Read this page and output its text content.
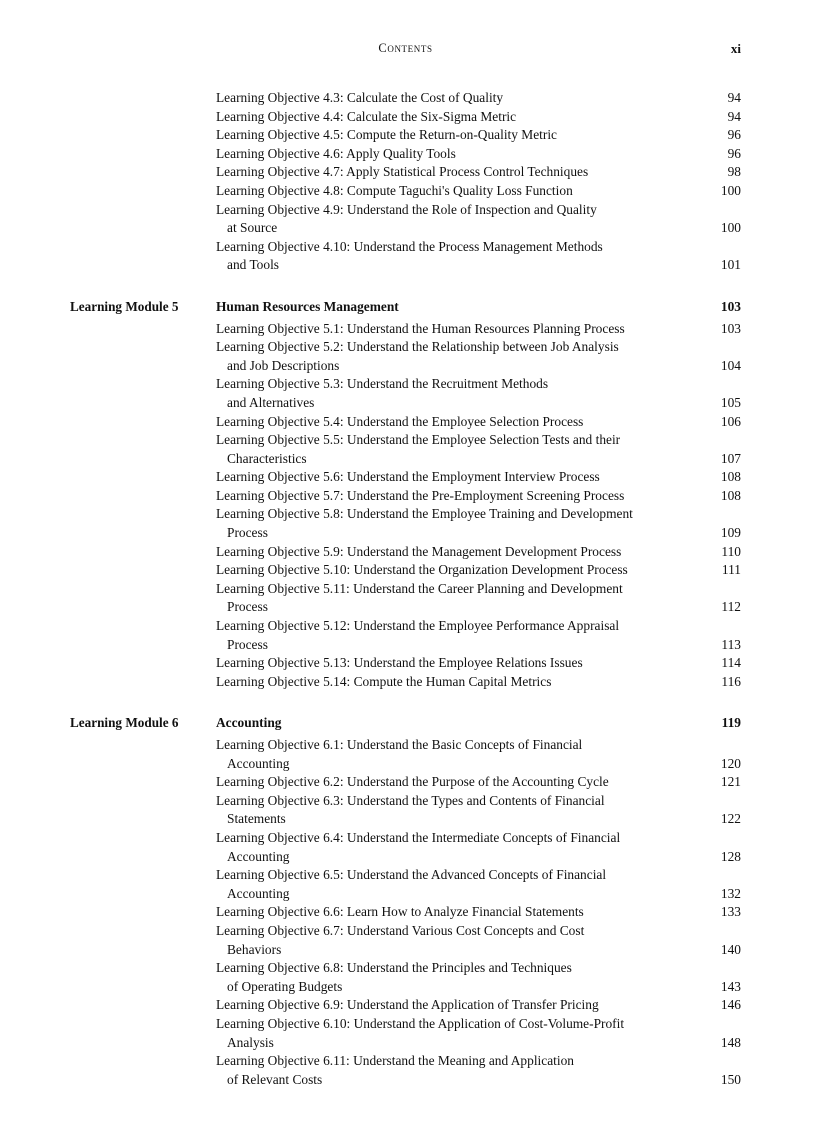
Contents	xi
Learning Objective 4.3: Calculate the Cost of Quality	94
Learning Objective 4.4: Calculate the Six-Sigma Metric	94
Learning Objective 4.5: Compute the Return-on-Quality Metric	96
Learning Objective 4.6: Apply Quality Tools	96
Learning Objective 4.7: Apply Statistical Process Control Techniques	98
Learning Objective 4.8: Compute Taguchi's Quality Loss Function	100
Learning Objective 4.9: Understand the Role of Inspection and Quality
at Source	100
Learning Objective 4.10: Understand the Process Management Methods
and Tools	101
Learning Module 5	Human Resources Management	103
Learning Objective 5.1: Understand the Human Resources Planning Process	103
Learning Objective 5.2: Understand the Relationship between Job Analysis
and Job Descriptions	104
Learning Objective 5.3: Understand the Recruitment Methods
and Alternatives	105
Learning Objective 5.4: Understand the Employee Selection Process	106
Learning Objective 5.5: Understand the Employee Selection Tests and their
Characteristics	107
Learning Objective 5.6: Understand the Employment Interview Process	108
Learning Objective 5.7: Understand the Pre-Employment Screening Process	108
Learning Objective 5.8: Understand the Employee Training and Development
Process	109
Learning Objective 5.9: Understand the Management Development Process	110
Learning Objective 5.10: Understand the Organization Development Process	111
Learning Objective 5.11: Understand the Career Planning and Development
Process	112
Learning Objective 5.12: Understand the Employee Performance Appraisal
Process	113
Learning Objective 5.13: Understand the Employee Relations Issues	114
Learning Objective 5.14: Compute the Human Capital Metrics	116
Learning Module 6	Accounting	119
Learning Objective 6.1: Understand the Basic Concepts of Financial
Accounting	120
Learning Objective 6.2: Understand the Purpose of the Accounting Cycle	121
Learning Objective 6.3: Understand the Types and Contents of Financial
Statements	122
Learning Objective 6.4: Understand the Intermediate Concepts of Financial
Accounting	128
Learning Objective 6.5: Understand the Advanced Concepts of Financial
Accounting	132
Learning Objective 6.6: Learn How to Analyze Financial Statements	133
Learning Objective 6.7: Understand Various Cost Concepts and Cost
Behaviors	140
Learning Objective 6.8: Understand the Principles and Techniques
of Operating Budgets	143
Learning Objective 6.9: Understand the Application of Transfer Pricing	146
Learning Objective 6.10: Understand the Application of Cost-Volume-Profit
Analysis	148
Learning Objective 6.11: Understand the Meaning and Application
of Relevant Costs	150
